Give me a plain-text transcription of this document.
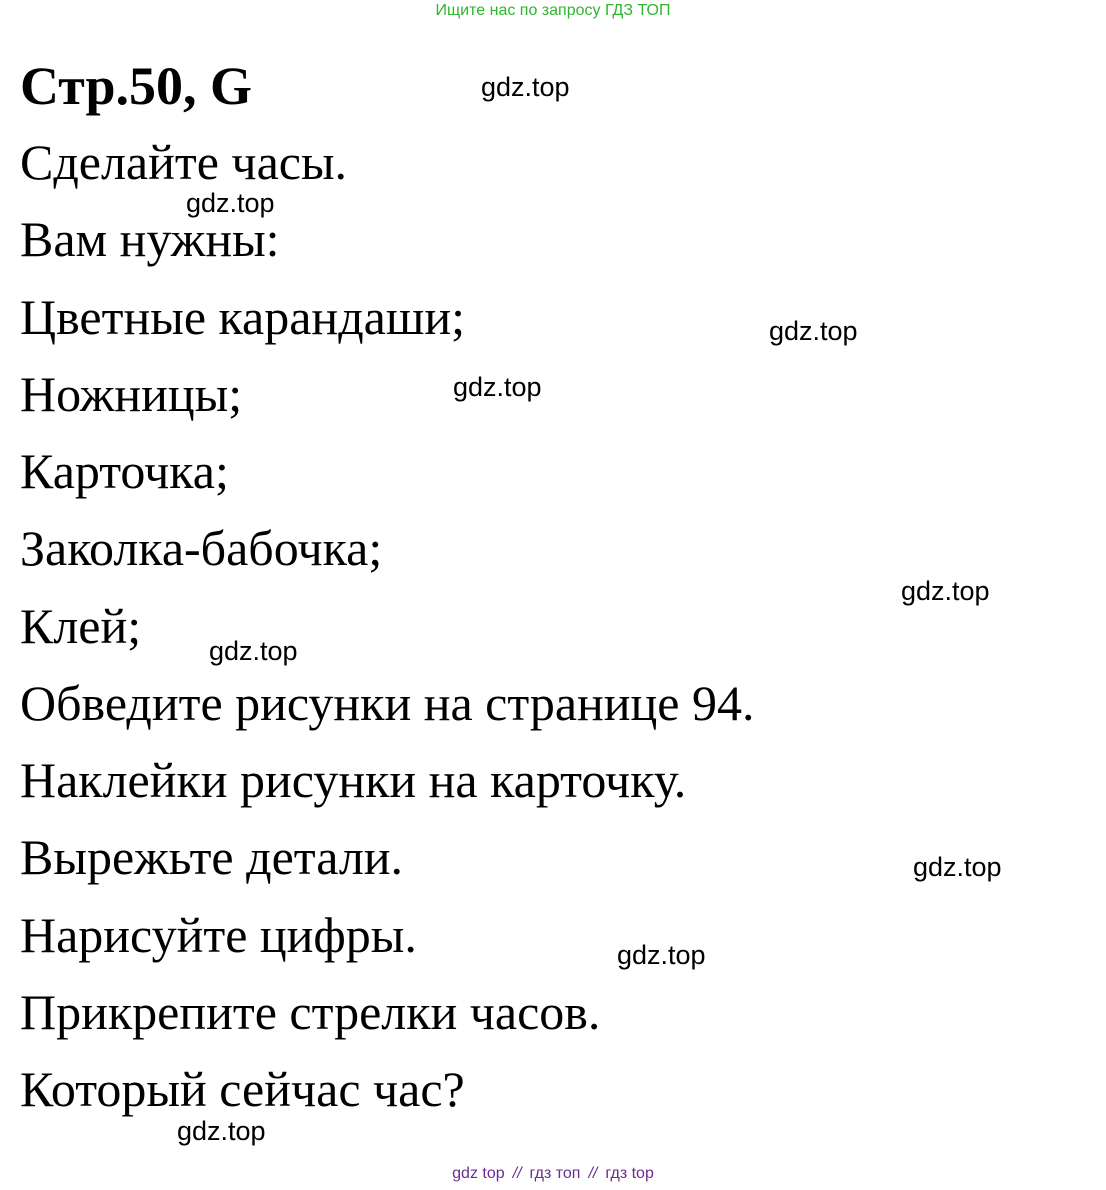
Ищите нас по запросу ГДЗ ТОП
Стр.50, G
Сделайте часы.
Вам нужны:
Цветные карандаши;
Ножницы;
Карточка;
Заколка-бабочка;
Клей;
Обведите рисунки на странице 94.
Наклейки рисунки на карточку.
Вырежьте детали.
Нарисуйте цифры.
Прикрепите стрелки часов.
Который сейчас час?
gdz.top
gdz.top
gdz.top
gdz.top
gdz.top
gdz.top
gdz.top
gdz.top
gdz.top
gdz top // гдз топ // гдз top
